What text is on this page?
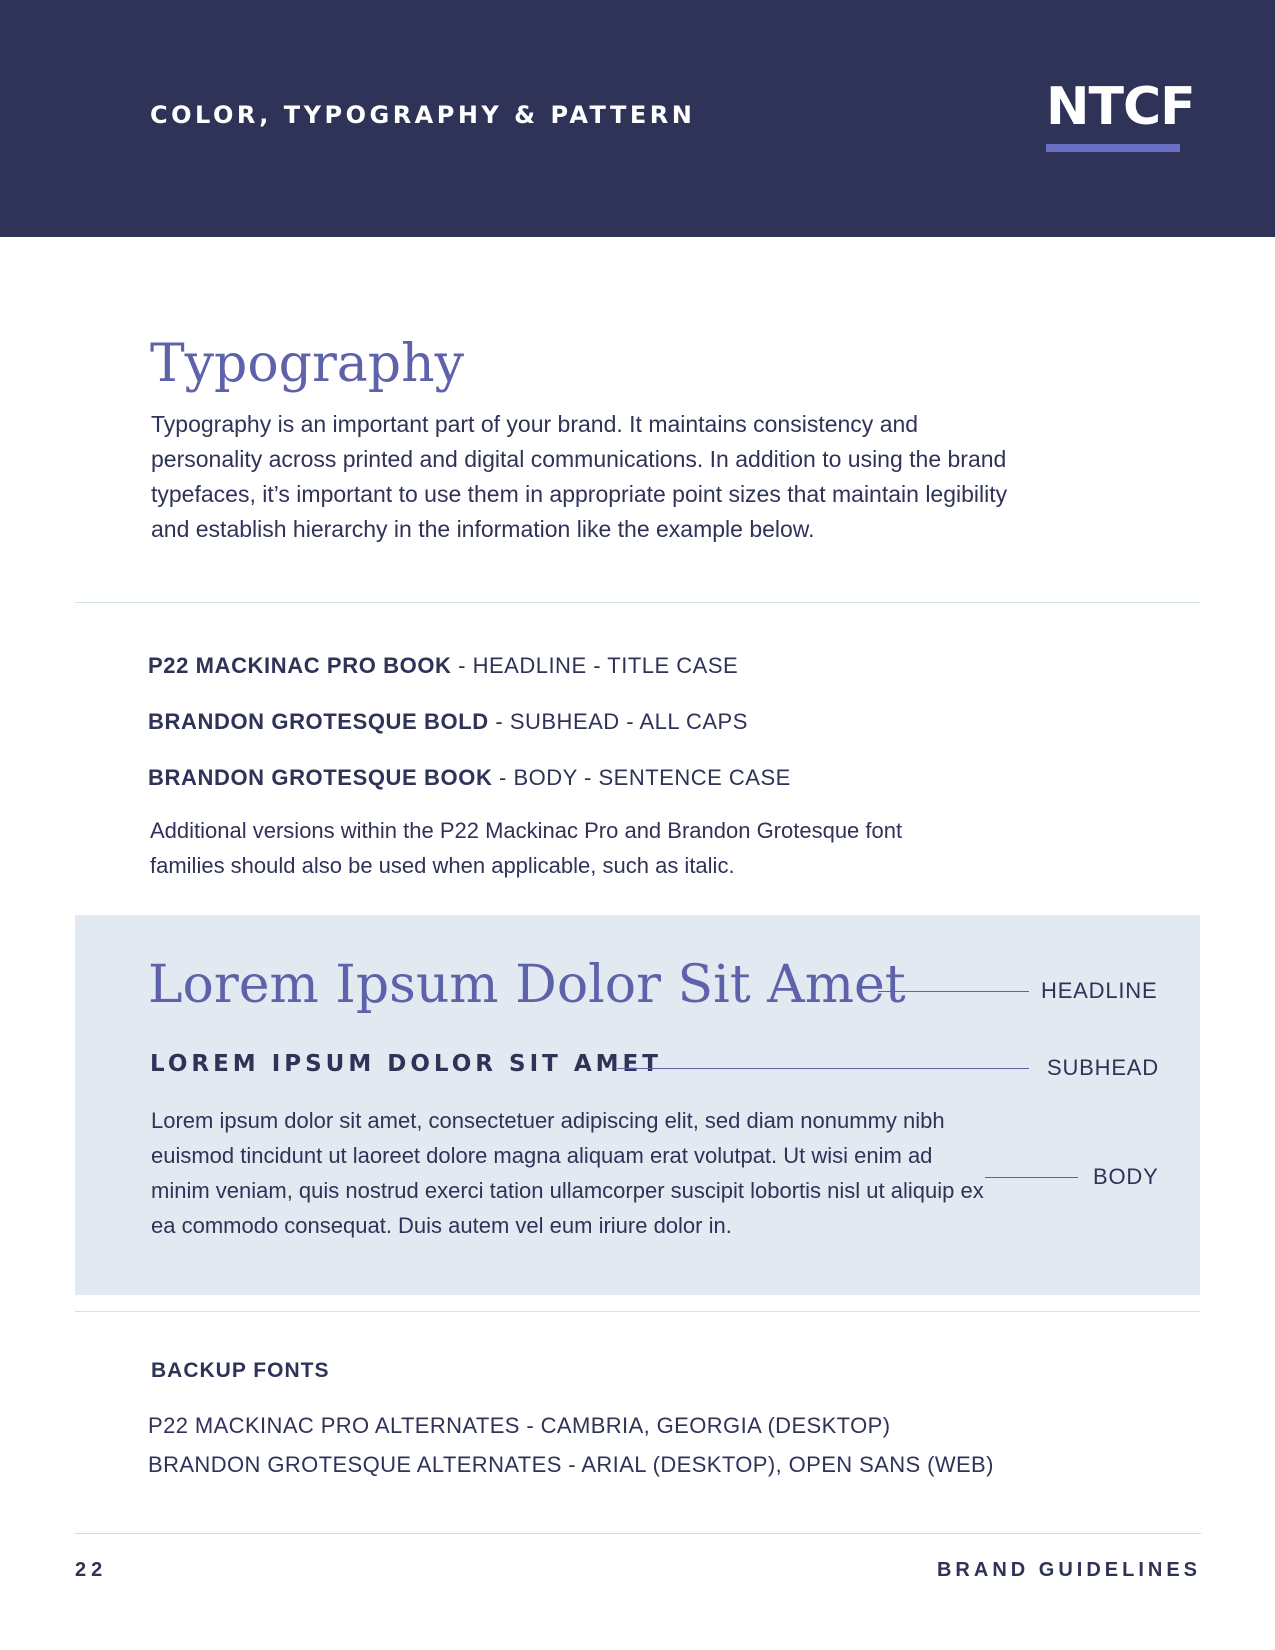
COLOR, TYPOGRAPHY & PATTERN	NTCF
Typography
Typography is an important part of your brand. It maintains consistency and personality across printed and digital communications. In addition to using the brand typefaces, it’s important to use them in appropriate point sizes that maintain legibility and establish hierarchy in the information like the example below.
P22 MACKINAC PRO BOOK - HEADLINE - TITLE CASE
BRANDON GROTESQUE BOLD - SUBHEAD - ALL CAPS
BRANDON GROTESQUE BOOK - BODY - SENTENCE CASE
Additional versions within the P22 Mackinac Pro and Brandon Grotesque font families should also be used when applicable, such as italic.
Lorem Ipsum Dolor Sit Amet	HEADLINE
LOREM IPSUM DOLOR SIT AMET	SUBHEAD
Lorem ipsum dolor sit amet, consectetuer adipiscing elit, sed diam nonummy nibh euismod tincidunt ut laoreet dolore magna aliquam erat volutpat. Ut wisi enim ad minim veniam, quis nostrud exerci tation ullamcorper suscipit lobortis nisl ut aliquip ex ea commodo consequat. Duis autem vel eum iriure dolor in.
BODY
BACKUP FONTS
P22 MACKINAC PRO ALTERNATES - CAMBRIA, GEORGIA (DESKTOP)
BRANDON GROTESQUE ALTERNATES - ARIAL (DESKTOP), OPEN SANS (WEB)
22	BRAND GUIDELINES
